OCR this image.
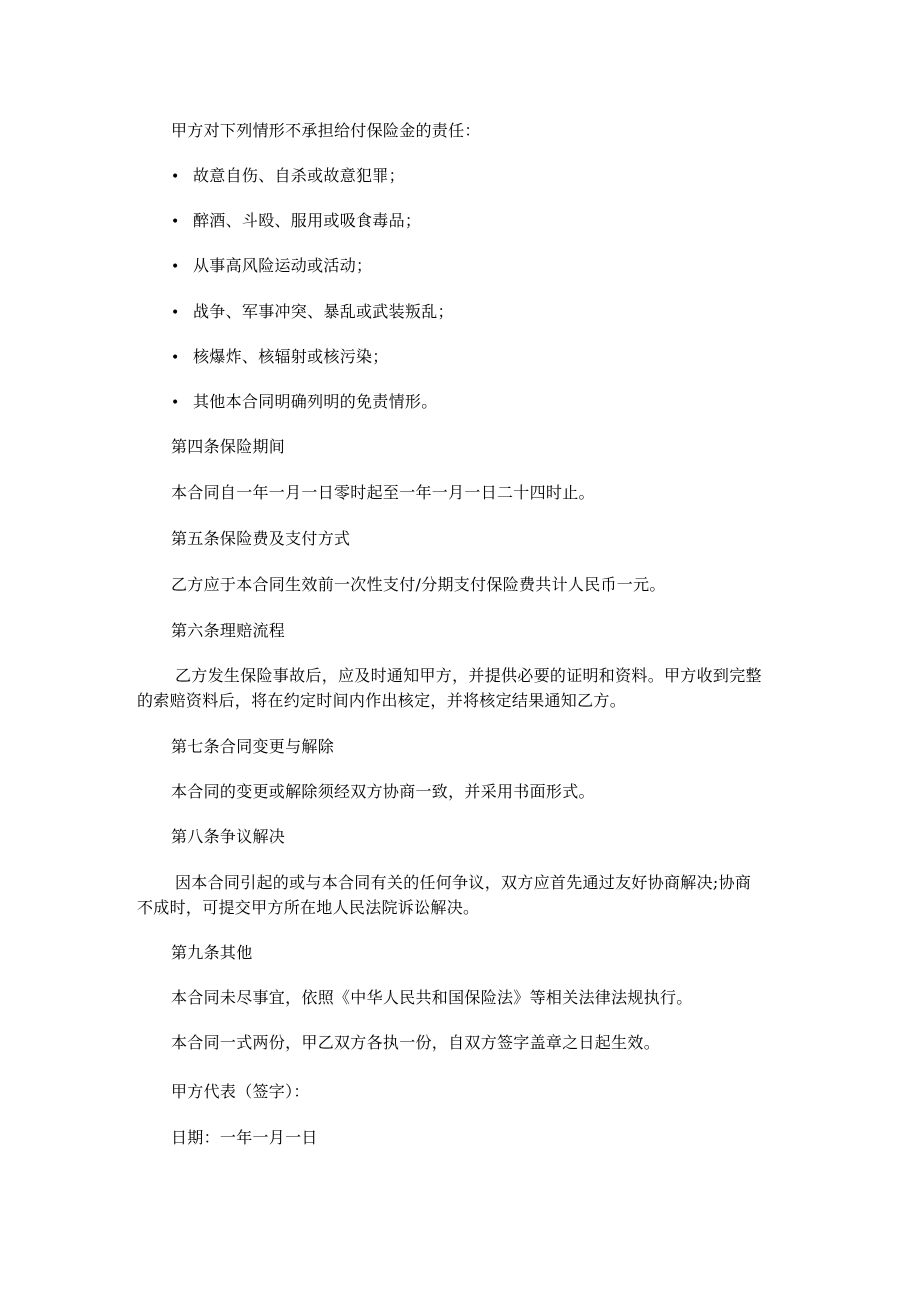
甲方对下列情形不承担给付保险金的责任：
• 故意自伤、自杀或故意犯罪；
• 醉酒、斗殴、服用或吸食毒品；
• 从事高风险运动或活动；
• 战争、军事冲突、暴乱或武装叛乱；
• 核爆炸、核辐射或核污染；
• 其他本合同明确列明的免责情形。
第四条保险期间
本合同自一年一月一日零时起至一年一月一日二十四时止。
第五条保险费及支付方式
乙方应于本合同生效前一次性支付/分期支付保险费共计人民币一元。
第六条理赔流程
乙方发生保险事故后，应及时通知甲方，并提供必要的证明和资料。甲方收到完整
的索赔资料后，将在约定时间内作出核定，并将核定结果通知乙方。
第七条合同变更与解除
本合同的变更或解除须经双方协商一致，并采用书面形式。
第八条争议解决
因本合同引起的或与本合同有关的任何争议，双方应首先通过友好协商解决;协商
不成时，可提交甲方所在地人民法院诉讼解决。
第九条其他
本合同未尽事宜，依照《中华人民共和国保险法》等相关法律法规执行。
本合同一式两份，甲乙双方各执一份，自双方签字盖章之日起生效。
甲方代表（签字）：
日期：一年一月一日
